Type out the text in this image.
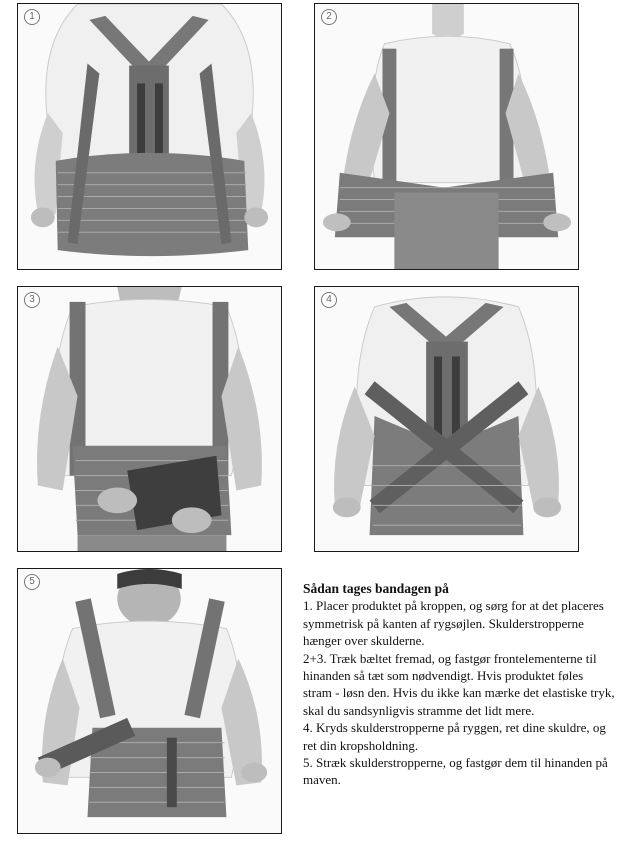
1	2
3	4
5	Sådan tages bandagen på

1. Placer produktet på kroppen, og sørg for at det placeres symmetrisk på kanten af rygsøjlen. Skulderstropperne hænger over skulderne.

2+3. Træk bæltet fremad, og fastgør frontelementerne til hinanden så tæt som nødvendigt. Hvis produktet føles

stram - løsn den. Hvis du ikke kan mærke det elastiske tryk, skal du sandsynligvis stramme det lidt mere.

4. Kryds skulderstropperne på ryggen, ret dine skuldre, og ret din kropsholdning.

5. Stræk skulderstropperne, og fastgør dem til hinanden på maven.
